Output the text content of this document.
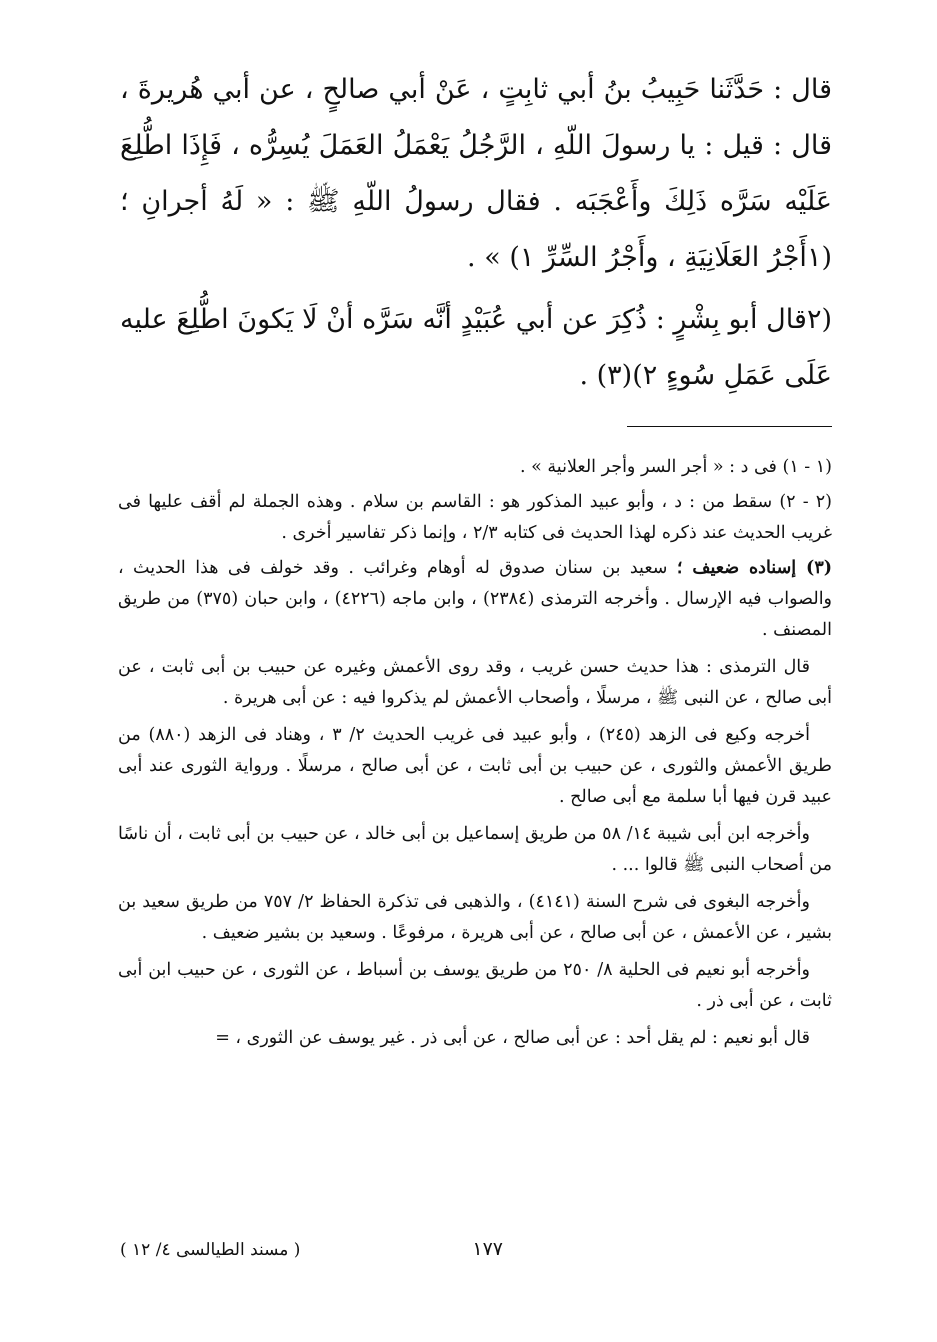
قال : حَدَّثَنا حَبِيبُ بنُ أبي ثابِتٍ ، عَنْ أبي صالحٍ ، عن أبي هُريرةَ ، قال : قيل : يا رسولَ اللّهِ ، الرَّجُلُ يَعْمَلُ العَمَلَ يُسِرُّه ، فَإِذَا اطُّلِعَ عَلَيْه سَرَّه ذَلِكَ وأَعْجَبَه . فقال رسولُ اللّهِ ﷺ : « لَهُ أجرانِ ؛ (١أَجْرُ العَلَانِيَةِ ، وأَجْرُ السِّرِّ ١) » .

(٢قال أبو بِشْرٍ : ذُكِرَ عن أبي عُبَيْدٍ أنَّه سَرَّه أنْ لَا يَكونَ اطُّلِعَ عليه عَلَى عَمَلِ سُوءٍ ٢)(٣) .

(١ - ١) فى د : « أجر السر وأجر العلانية » .

(٢ - ٢) سقط من : د ، وأبو عبيد المذكور هو : القاسم بن سلام . وهذه الجملة لم أقف عليها فى غريب الحديث عند ذكره لهذا الحديث فى كتابه ٢/٣ ، وإنما ذكر تفاسير أخرى .

(٣) إسناده ضعيف ؛ سعيد بن سنان صدوق له أوهام وغرائب . وقد خولف فى هذا الحديث ، والصواب فيه الإرسال . وأخرجه الترمذى (٢٣٨٤) ، وابن ماجه (٤٢٢٦) ، وابن حبان (٣٧٥) من طريق المصنف .

قال الترمذى : هذا حديث حسن غريب ، وقد روى الأعمش وغيره عن حبيب بن أبى ثابت ، عن أبى صالح ، عن النبى ﷺ ، مرسلًا ، وأصحاب الأعمش لم يذكروا فيه : عن أبى هريرة .

أخرجه وكيع فى الزهد (٢٤٥) ، وأبو عبيد فى غريب الحديث ٢/ ٣ ، وهناد فى الزهد (٨٨٠) من طريق الأعمش والثورى ، عن حبيب بن أبى ثابت ، عن أبى صالح ، مرسلًا . ورواية الثورى عند أبى عبيد قرن فيها أبا سلمة مع أبى صالح .

وأخرجه ابن أبى شيبة ١٤/ ٥٨ من طريق إسماعيل بن أبى خالد ، عن حبيب بن أبى ثابت ، أن ناسًا من أصحاب النبى ﷺ قالوا ... .

وأخرجه البغوى فى شرح السنة (٤١٤١) ، والذهبى فى تذكرة الحفاظ ٢/ ٧٥٧ من طريق سعيد بن بشير ، عن الأعمش ، عن أبى صالح ، عن أبى هريرة ، مرفوعًا . وسعيد بن بشير ضعيف .

وأخرجه أبو نعيم فى الحلية ٨/ ٢٥٠ من طريق يوسف بن أسباط ، عن الثورى ، عن حبيب ابن أبى ثابت ، عن أبى ذر .

قال أبو نعيم : لم يقل أحد : عن أبى صالح ، عن أبى ذر . غير يوسف عن الثورى ، =

١٧٧
( مسند الطيالسى ٤/ ١٢ )
